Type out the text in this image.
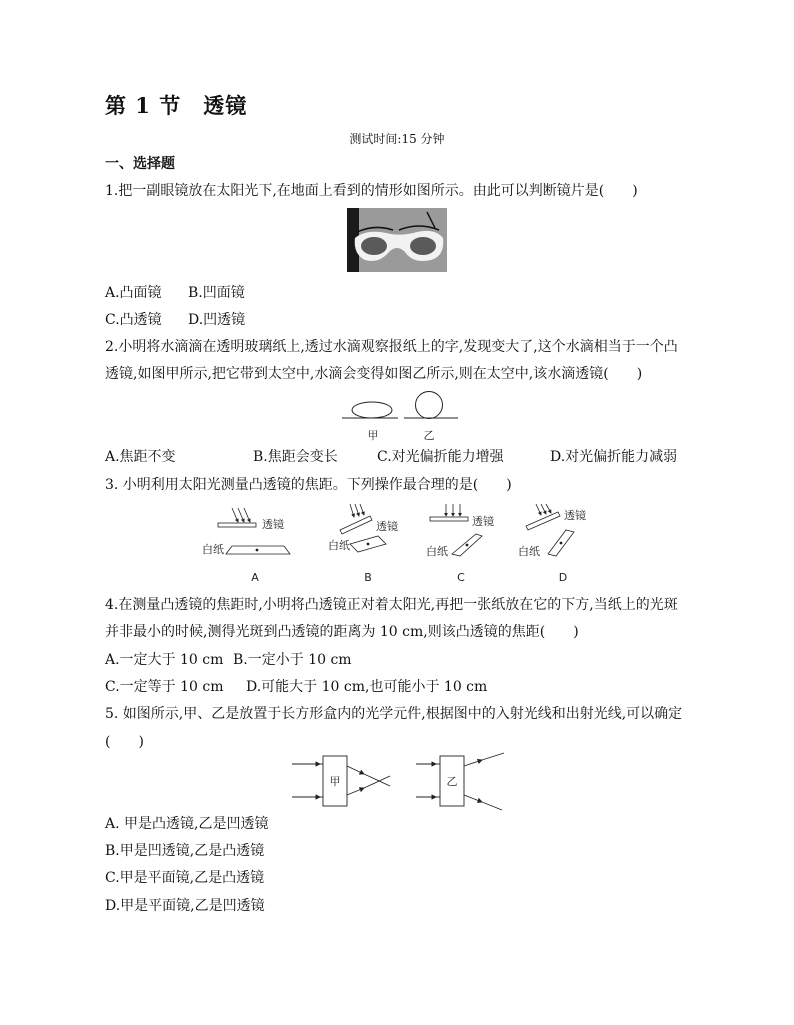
第 1 节　透镜
测试时间:15 分钟
一、选择题
1.把一副眼镜放在太阳光下,在地面上看到的情形如图所示。由此可以判断镜片是(　　)
A.凸面镜 B.凹面镜
C.凸透镜 D.凹透镜
2.小明将水滴滴在透明玻璃纸上,透过水滴观察报纸上的字,发现变大了,这个水滴相当于一个凸
透镜,如图甲所示,把它带到太空中,水滴会变得如图乙所示,则在太空中,该水滴透镜(　　)
甲	乙
A.焦距不变	B.焦距会变长	C.对光偏折能力增强	D.对光偏折能力减弱
3. 小明利用太阳光测量凸透镜的焦距。下列操作最合理的是(　　)
透镜
白纸
A
透镜
白纸
B
透镜
白纸
C
透镜
白纸
D
4.在测量凸透镜的焦距时,小明将凸透镜正对着太阳光,再把一张纸放在它的下方,当纸上的光斑
并非最小的时候,测得光斑到凸透镜的距离为 10 cm,则该凸透镜的焦距(　　)
A.一定大于 10 cm B.一定小于 10 cm
C.一定等于 10 cm D.可能大于 10 cm,也可能小于 10 cm
5. 如图所示,甲、乙是放置于长方形盒内的光学元件,根据图中的入射光线和出射光线,可以确定
(　　)
甲	乙
A. 甲是凸透镜,乙是凹透镜
B.甲是凹透镜,乙是凸透镜
C.甲是平面镜,乙是凸透镜
D.甲是平面镜,乙是凹透镜
